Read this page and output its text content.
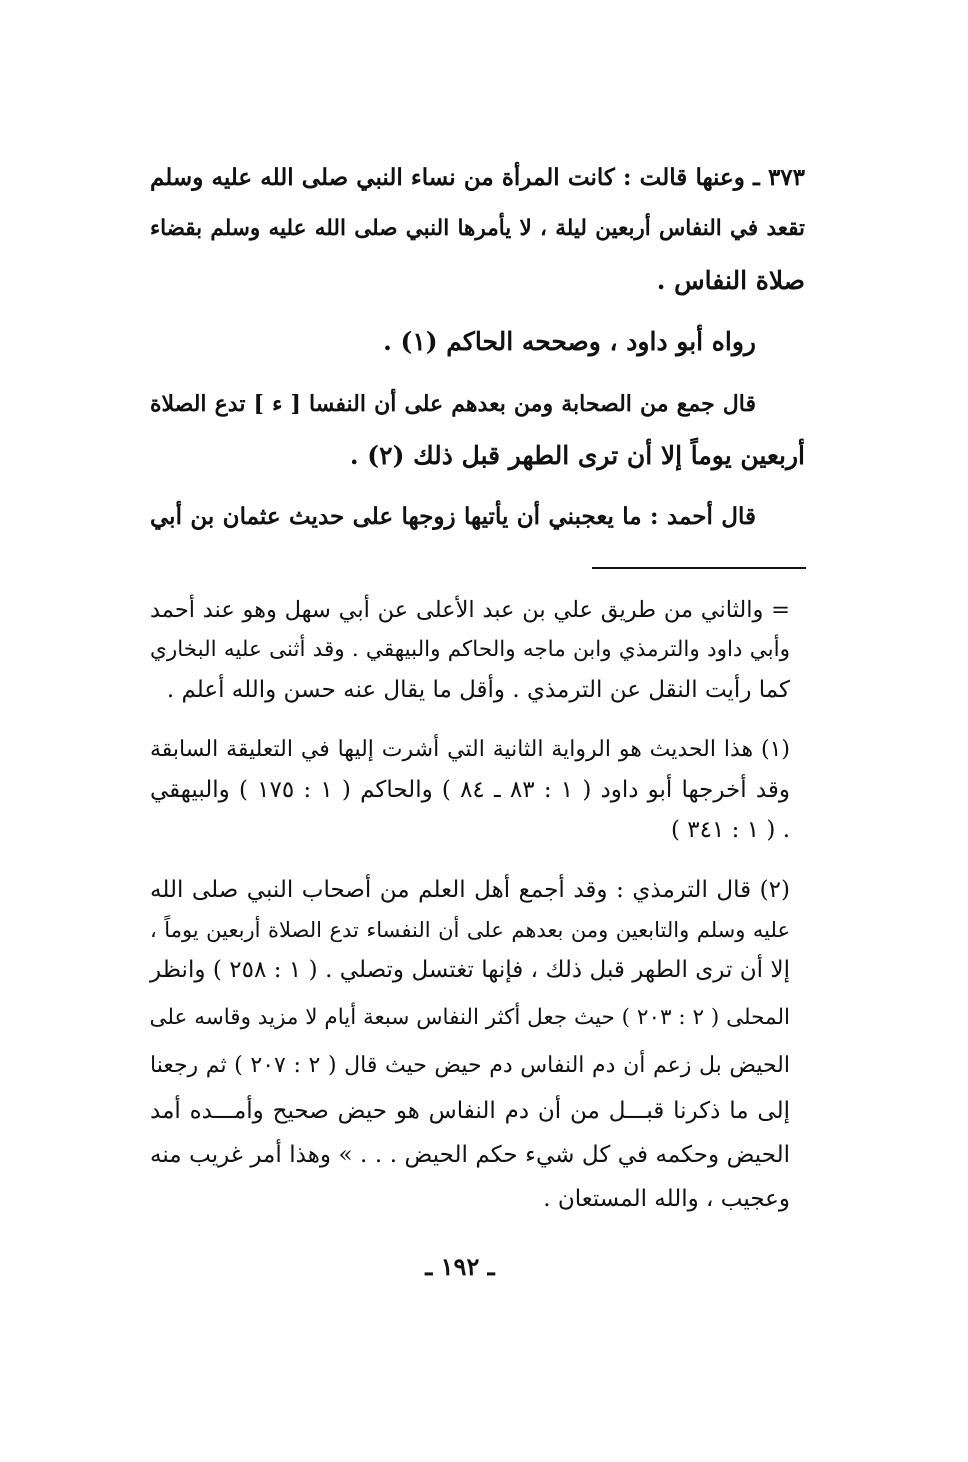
٣٧٣ ـ وعنها قالت : كانت المرأة من نساء النبي صلى الله عليه وسلم

تقعد في النفاس أربعين ليلة ، لا يأمرها النبي صلى الله عليه وسلم بقضاء

صلاة النفاس .

رواه أبو داود ، وصححه الحاكم (١) .

قال جمع من الصحابة ومن بعدهم على أن النفسا [ ء ] تدع الصلاة

أربعين يوماً إلا أن ترى الطهر قبل ذلك (٢) .

قال أحمد : ما يعجبني أن يأتيها زوجها على حديث عثمان بن أبي

= والثاني من طريق علي بن عبد الأعلى عن أبي سهل وهو عند أحمد

وأبي داود والترمذي وابن ماجه والحاكم والبيهقي . وقد أثنى عليه البخاري

كما رأيت النقل عن الترمذي . وأقل ما يقال عنه حسن والله أعلم .

(١) هذا الحديث هو الرواية الثانية التي أشرت إليها في التعليقة السابقة

وقد أخرجها أبو داود ( ١ : ٨٣ ـ ٨٤ ) والحاكم ( ١ : ١٧٥ ) والبيهقي

( ١ : ٣٤١ ) .

(٢) قال الترمذي : وقد أجمع أهل العلم من أصحاب النبي صلى الله

عليه وسلم والتابعين ومن بعدهم على أن النفساء تدع الصلاة أربعين يوماً ،

إلا أن ترى الطهر قبل ذلك ، فإنها تغتسل وتصلي . ( ١ : ٢٥٨ ) وانظر

المحلى ( ٢ : ٢٠٣ ) حيث جعل أكثر النفاس سبعة أيام لا مزيد وقاسه على

الحيض بل زعم أن دم النفاس دم حيض حيث قال ( ٢ : ٢٠٧ ) ثم رجعنا

إلى ما ذكرنا قبـــل من أن دم النفاس هو حيض صحيح وأمـــده أمد

الحيض وحكمه في كل شيء حكم الحيض . . . » وهذا أمر غريب منه

وعجيب ، والله المستعان .

ـ ١٩٢ ـ
